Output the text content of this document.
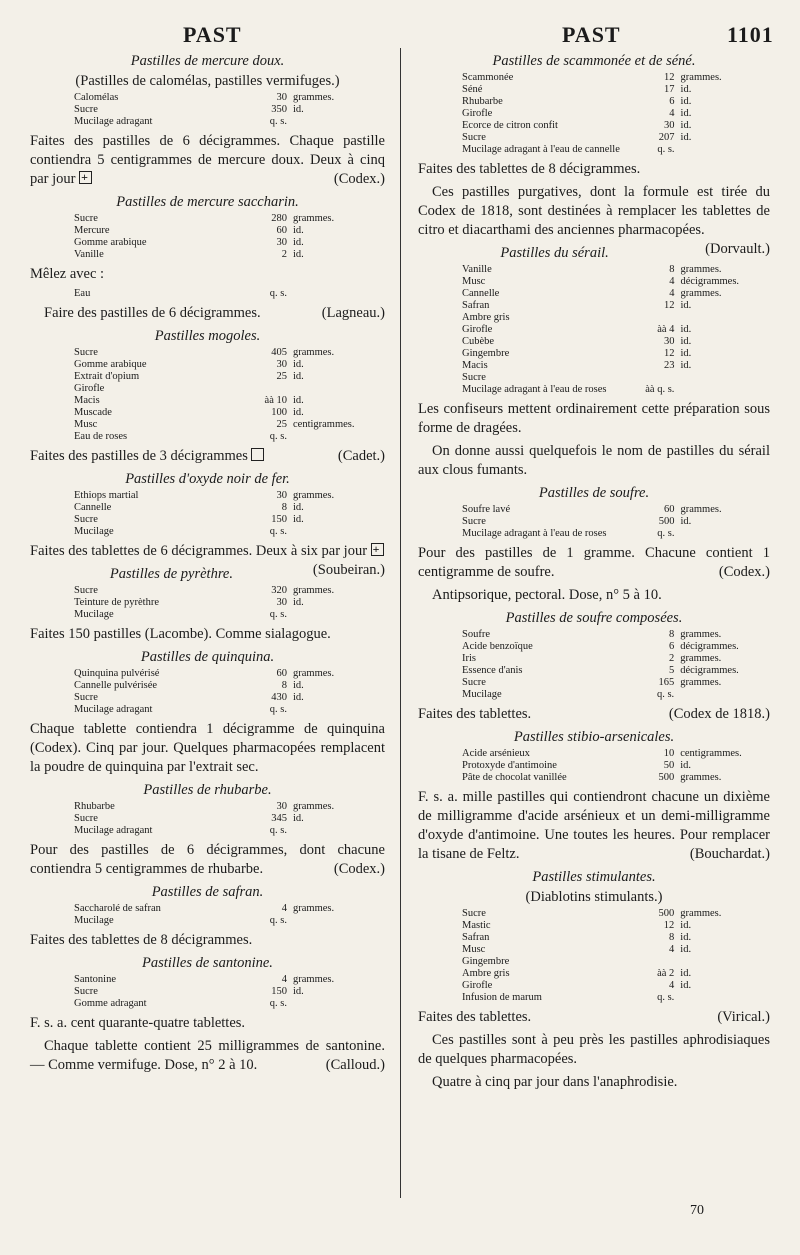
PAST	PAST	1101
Pastilles de mercure doux.
(Pastilles de calomélas, pastilles vermifuges.)
Calomélas	30	grammes.
Sucre	350	id.
Mucilage adragant	q. s.	
Faites des pastilles de 6 décigrammes. Chaque pastille contiendra 5 centigrammes de mercure doux. Deux à cinq par jour +	(Codex.)
Pastilles de mercure saccharin.
Sucre	280	grammes.
Mercure	60	id.
Gomme arabique	30	id.
Vanille	2	id.
Mêlez avec :
Eau	q. s.	
Faire des pastilles de 6 décigrammes.	(Lagneau.)
Pastilles mogoles.
Sucre	405	grammes.
Gomme arabique	30	id.
Extrait d'opium	25	id.
Girofle		
Macis	àà 10	id.
Muscade	100	id.
Musc	25	centigrammes.
Eau de roses	q. s.	
Faites des pastilles de 3 décigrammes	(Cadet.)
Pastilles d'oxyde noir de fer.
Ethiops martial	30	grammes.
Cannelle	8	id.
Sucre	150	id.
Mucilage	q. s.	
Faites des tablettes de 6 décigrammes. Deux à six par jour +
(Soubeiran.)
Pastilles de pyrèthre.
Sucre	320	grammes.
Teinture de pyrèthre	30	id.
Mucilage	q. s.	
Faites 150 pastilles (Lacombe). Comme sialagogue.
Pastilles de quinquina.
Quinquina pulvérisé	60	grammes.
Cannelle pulvérisée	8	id.
Sucre	430	id.
Mucilage adragant	q. s.	
Chaque tablette contiendra 1 décigramme de quinquina (Codex). Cinq par jour. Quelques pharmacopées remplacent la poudre de quinquina par l'extrait sec.
Pastilles de rhubarbe.
Rhubarbe	30	grammes.
Sucre	345	id.
Mucilage adragant	q. s.	
Pour des pastilles de 6 décigrammes, dont chacune contiendra 5 centigrammes de rhubarbe.	(Codex.)
Pastilles de safran.
Saccharolé de safran	4	grammes.
Mucilage	q. s.	
Faites des tablettes de 8 décigrammes.
Pastilles de santonine.
Santonine	4	grammes.
Sucre	150	id.
Gomme adragant	q. s.	
F. s. a. cent quarante-quatre tablettes.
Chaque tablette contient 25 milligrammes de santonine. — Comme vermifuge. Dose, n° 2 à 10.	(Calloud.)
Pastilles de scammonée et de séné.
Scammonée	12	grammes.
Séné	17	id.
Rhubarbe	6	id.
Girofle	4	id.
Ecorce de citron confit	30	id.
Sucre	207	id.
Mucilage adragant à l'eau de cannelle	q. s.	
Faites des tablettes de 8 décigrammes.
Ces pastilles purgatives, dont la formule est tirée du Codex de 1818, sont destinées à remplacer les tablettes de citro et diacarthami des anciennes pharmacopées.
(Dorvault.)
Pastilles du sérail.
Vanille	8	grammes.
Musc	4	décigrammes.
Cannelle	4	grammes.
Safran	12	id.
Ambre gris		
Girofle	àà 4	id.
Cubèbe	30	id.
Gingembre	12	id.
Macis	23	id.
Sucre		
Mucilage adragant à l'eau de roses	àà q. s.	
Les confiseurs mettent ordinairement cette préparation sous forme de dragées.
On donne aussi quelquefois le nom de pastilles du sérail aux clous fumants.
Pastilles de soufre.
Soufre lavé	60	grammes.
Sucre	500	id.
Mucilage adragant à l'eau de roses	q. s.	
Pour des pastilles de 1 gramme. Chacune contient 1 centigramme de soufre.	(Codex.)
Antipsorique, pectoral. Dose, n° 5 à 10.
Pastilles de soufre composées.
Soufre	8	grammes.
Acide benzoïque	6	décigrammes.
Iris	2	grammes.
Essence d'anis	5	décigrammes.
Sucre	165	grammes.
Mucilage	q. s.	
Faites des tablettes.	(Codex de 1818.)
Pastilles stibio-arsenicales.
Acide arsénieux	10	centigrammes.
Protoxyde d'antimoine	50	id.
Pâte de chocolat vanillée	500	grammes.
F. s. a. mille pastilles qui contiendront chacune un dixième de milligramme d'acide arsénieux et un demi-milligramme d'oxyde d'antimoine. Une toutes les heures. Pour remplacer la tisane de Feltz.	(Bouchardat.)
Pastilles stimulantes.
(Diablotins stimulants.)
Sucre	500	grammes.
Mastic	12	id.
Safran	8	id.
Musc	4	id.
Gingembre		
Ambre gris	àà 2	id.
Girofle	4	id.
Infusion de marum	q. s.	
Faites des tablettes.	(Virical.)
Ces pastilles sont à peu près les pastilles aphrodisiaques de quelques pharmacopées.
Quatre à cinq par jour dans l'anaphrodisie.
70
